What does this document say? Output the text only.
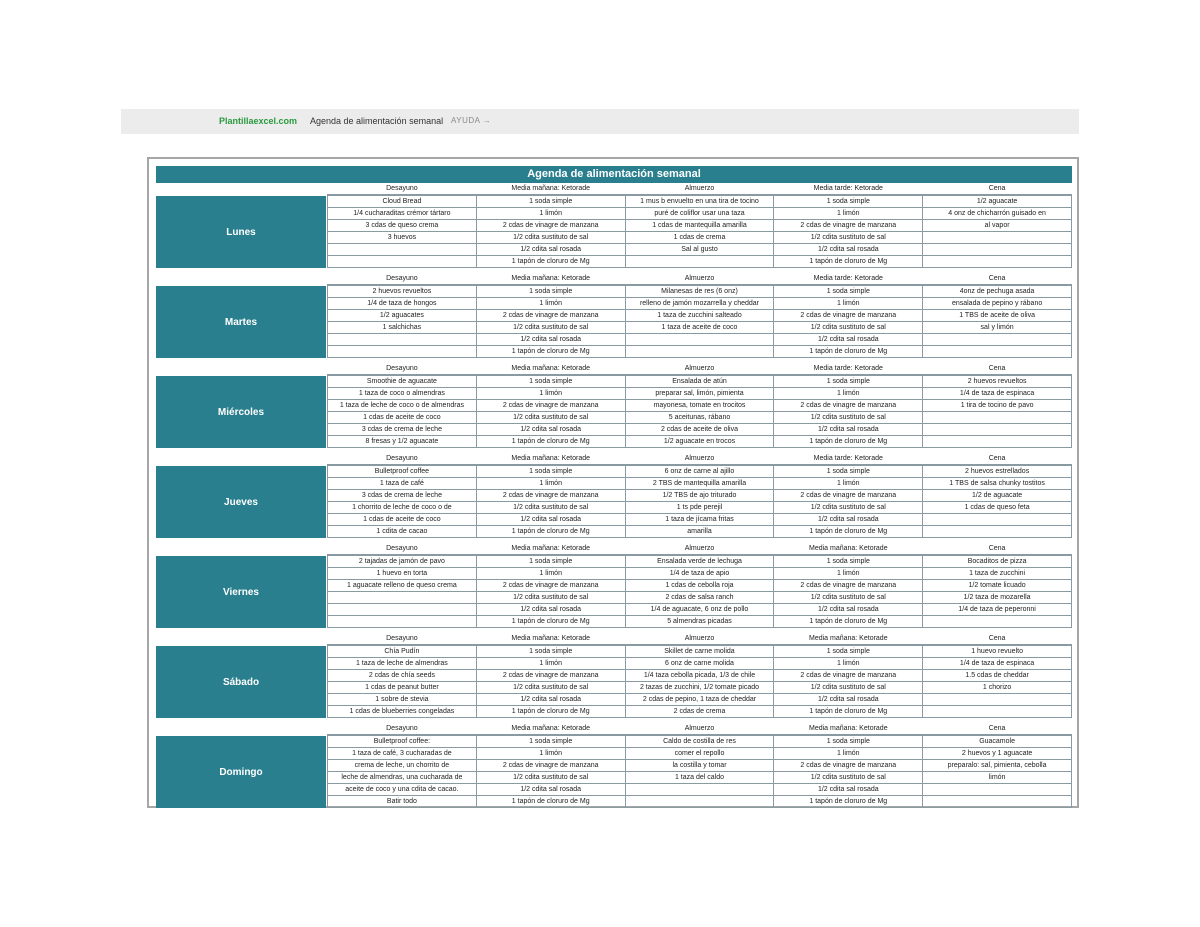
Plantillaexcel.com Agenda de alimentación semanal AYUDA →
Agenda de alimentación semanal
Lunes
Desayuno	Media mañana: Ketorade	Almuerzo	Media tarde: Ketorade	Cena
Cloud Bread	1 soda simple	1 mus b envuelto en una tira de tocino	1 soda simple	1/2 aguacate
1/4 cucharaditas crémor tártaro	1 limón	puré de coliflor usar una taza	1 limón	4 onz de chicharrón guisado en
3 cdas de queso crema	2 cdas de vinagre de manzana	1 cdas de mantequilla amarilla	2 cdas de vinagre de manzana	al vapor
3 huevos	1/2 cdita sustituto de sal	1 cdas de crema	1/2 cdita sustituto de sal	
	1/2 cdita sal rosada	Sal al gusto	1/2 cdita sal rosada	
	1 tapón de cloruro de Mg		1 tapón de cloruro de Mg	
Martes
Desayuno	Media mañana: Ketorade	Almuerzo	Media tarde: Ketorade	Cena
2 huevos revueltos	1 soda simple	Milanesas de res (6 onz)	1 soda simple	4onz de pechuga asada
1/4 de taza de hongos	1 limón	relleno de jamón mozarrella y cheddar	1 limón	ensalada de pepino y rábano
1/2 aguacates	2 cdas de vinagre de manzana	1 taza de zucchini salteado	2 cdas de vinagre de manzana	1 TBS de aceite de oliva
1 salchichas	1/2 cdita sustituto de sal	1 taza de aceite de coco	1/2 cdita sustituto de sal	sal y limón
	1/2 cdita sal rosada		1/2 cdita sal rosada	
	1 tapón de cloruro de Mg		1 tapón de cloruro de Mg	
Miércoles
Desayuno	Media mañana: Ketorade	Almuerzo	Media tarde: Ketorade	Cena
Smoothie de aguacate	1 soda simple	Ensalada de atún	1 soda simple	2 huevos revueltos
1 taza de coco o almendras	1 limón	preparar sal, limón, pimienta	1 limón	1/4 de taza de espinaca
1 taza de leche de coco o de almendras	2 cdas de vinagre de manzana	mayonesa, tomate en trocitos	2 cdas de vinagre de manzana	1 tira de tocino de pavo
1 cdas de aceite de coco	1/2 cdita sustituto de sal	5 aceitunas, rábano	1/2 cdita sustituto de sal	
3 cdas de crema de leche	1/2 cdita sal rosada	2 cdas de aceite de oliva	1/2 cdita sal rosada	
8 fresas y 1/2 aguacate	1 tapón de cloruro de Mg	1/2 aguacate en trocos	1 tapón de cloruro de Mg	
Jueves
Desayuno	Media mañana: Ketorade	Almuerzo	Media tarde: Ketorade	Cena
Bulletproof coffee	1 soda simple	6 onz de carne al ajillo	1 soda simple	2 huevos estrellados
1 taza de café	1 limón	2 TBS de mantequilla amarilla	1 limón	1 TBS de salsa chunky tostitos
3 cdas de crema de leche	2 cdas de vinagre de manzana	1/2 TBS de ajo triturado	2 cdas de vinagre de manzana	1/2 de aguacate
1 chorrito de leche de coco o de	1/2 cdita sustituto de sal	1 ts pde perejil	1/2 cdita sustituto de sal	1 cdas de queso feta
1 cdas de aceite de coco	1/2 cdita sal rosada	1 taza de jícama fritas	1/2 cdita sal rosada	
1 cdita de cacao	1 tapón de cloruro de Mg	amarilla	1 tapón de cloruro de Mg	
Viernes
Desayuno	Media mañana: Ketorade	Almuerzo	Media mañana: Ketorade	Cena
2 tajadas de jamón de pavo	1 soda simple	Ensalada verde de lechuga	1 soda simple	Bocaditos de pizza
1 huevo en torta	1 limón	1/4 de taza de apio	1 limón	1 taza de zucchini
1 aguacate relleno de queso crema	2 cdas de vinagre de manzana	1 cdas de cebolla roja	2 cdas de vinagre de manzana	1/2 tomate licuado
	1/2 cdita sustituto de sal	2 cdas de salsa ranch	1/2 cdita sustituto de sal	1/2 taza de mozarella
	1/2 cdita sal rosada	1/4 de aguacate, 6 onz de pollo	1/2 cdita sal rosada	1/4 de taza de peperonni
	1 tapón de cloruro de Mg	5 almendras picadas	1 tapón de cloruro de Mg	
Sábado
Desayuno	Media mañana: Ketorade	Almuerzo	Media mañana: Ketorade	Cena
Chía Pudín	1 soda simple	Skillet de carne molida	1 soda simple	1 huevo revuelto
1 taza de leche de almendras	1 limón	6 onz de carne molida	1 limón	1/4 de taza de espinaca
2 cdas de chía seeds	2 cdas de vinagre de manzana	1/4 taza cebolla picada, 1/3 de chile	2 cdas de vinagre de manzana	1.5 cdas de cheddar
1 cdas de peanut butter	1/2 cdita sustituto de sal	2 tazas de zucchini, 1/2 tomate picado	1/2 cdita sustituto de sal	1 chorizo
1 sobre de stevia	1/2 cdita sal rosada	2 cdas de pepino, 1 taza de cheddar	1/2 cdita sal rosada	
1 cdas de blueberries congeladas	1 tapón de cloruro de Mg	2 cdas de crema	1 tapón de cloruro de Mg	
Domingo
Desayuno	Media mañana: Ketorade	Almuerzo	Media mañana: Ketorade	Cena
Bulletproof coffee:	1 soda simple	Caldo de costilla de res	1 soda simple	Guacamole
1 taza de café, 3 cucharadas de	1 limón	comer el repollo	1 limón	2 huevos y 1 aguacate
crema de leche, un chorrito de	2 cdas de vinagre de manzana	la costilla y tomar	2 cdas de vinagre de manzana	preparalo: sal, pimienta, cebolla
leche de almendras, una cucharada de	1/2 cdita sustituto de sal	1 taza del caldo	1/2 cdita sustituto de sal	limón
aceite de coco y una cdita de cacao.	1/2 cdita sal rosada		1/2 cdita sal rosada	
Batir todo	1 tapón de cloruro de Mg		1 tapón de cloruro de Mg	
